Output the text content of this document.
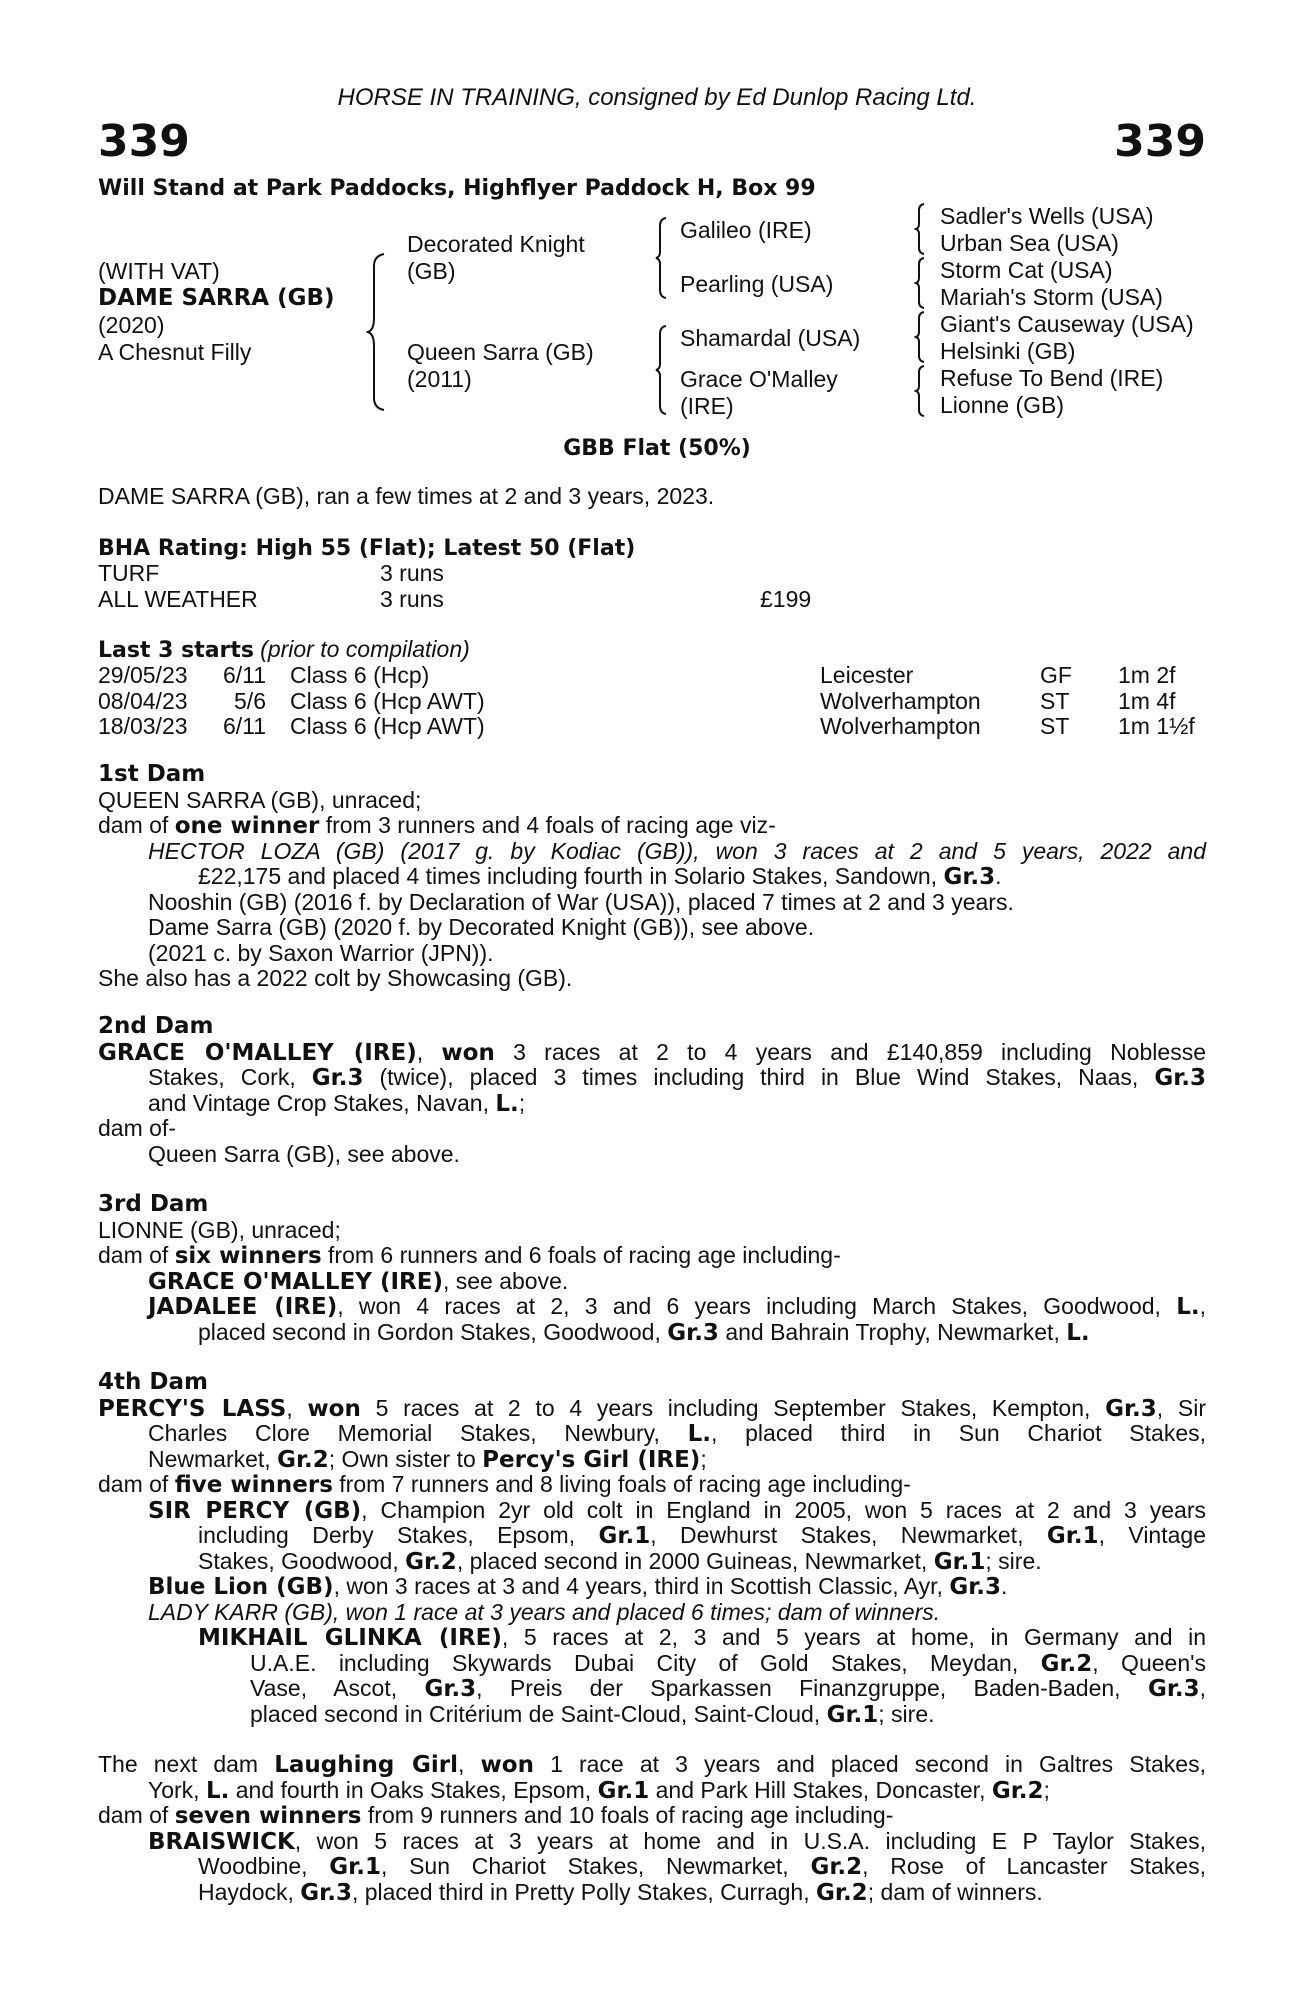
HORSE IN TRAINING, consigned by Ed Dunlop Racing Ltd.
339	339
Will Stand at Park Paddocks, Highflyer Paddock H, Box 99
(WITH VAT)
DAME SARRA (GB)
(2020)
A Chesnut Filly
Decorated Knight
(GB)
Queen Sarra (GB)
(2011)
Galileo (IRE)
Pearling (USA)
Shamardal (USA)
Grace O'Malley
(IRE)
Sadler's Wells (USA)
Urban Sea (USA)
Storm Cat (USA)
Mariah's Storm (USA)
Giant's Causeway (USA)
Helsinki (GB)
Refuse To Bend (IRE)
Lionne (GB)
GBB Flat (50%)
DAME SARRA (GB), ran a few times at 2 and 3 years, 2023.
BHA Rating: High 55 (Flat); Latest 50 (Flat)
TURF	3 runs
ALL WEATHER	3 runs	£199
Last 3 starts (prior to compilation)
29/05/23 6/11 Class 6 (Hcp)	Leicester	GF 1m 2f
08/04/23 5/6 Class 6 (Hcp AWT)	Wolverhampton	ST 1m 4f
18/03/23 6/11 Class 6 (Hcp AWT)	Wolverhampton	ST 1m 1½f
1st Dam
QUEEN SARRA (GB), unraced;
dam of one winner from 3 runners and 4 foals of racing age viz-
HECTOR LOZA (GB) (2017 g. by Kodiac (GB)), won 3 races at 2 and 5 years, 2022 and
£22,175 and placed 4 times including fourth in Solario Stakes, Sandown, Gr.3.
Nooshin (GB) (2016 f. by Declaration of War (USA)), placed 7 times at 2 and 3 years.
Dame Sarra (GB) (2020 f. by Decorated Knight (GB)), see above.
(2021 c. by Saxon Warrior (JPN)).
She also has a 2022 colt by Showcasing (GB).
2nd Dam
GRACE O'MALLEY (IRE), won 3 races at 2 to 4 years and £140,859 including Noblesse
Stakes, Cork, Gr.3 (twice), placed 3 times including third in Blue Wind Stakes, Naas, Gr.3
and Vintage Crop Stakes, Navan, L.;
dam of-
Queen Sarra (GB), see above.
3rd Dam
LIONNE (GB), unraced;
dam of six winners from 6 runners and 6 foals of racing age including-
GRACE O'MALLEY (IRE), see above.
JADALEE (IRE), won 4 races at 2, 3 and 6 years including March Stakes, Goodwood, L.,
placed second in Gordon Stakes, Goodwood, Gr.3 and Bahrain Trophy, Newmarket, L.
4th Dam
PERCY'S LASS, won 5 races at 2 to 4 years including September Stakes, Kempton, Gr.3, Sir
Charles Clore Memorial Stakes, Newbury, L., placed third in Sun Chariot Stakes,
Newmarket, Gr.2; Own sister to Percy's Girl (IRE);
dam of five winners from 7 runners and 8 living foals of racing age including-
SIR PERCY (GB), Champion 2yr old colt in England in 2005, won 5 races at 2 and 3 years
including Derby Stakes, Epsom, Gr.1, Dewhurst Stakes, Newmarket, Gr.1, Vintage
Stakes, Goodwood, Gr.2, placed second in 2000 Guineas, Newmarket, Gr.1; sire.
Blue Lion (GB), won 3 races at 3 and 4 years, third in Scottish Classic, Ayr, Gr.3.
LADY KARR (GB), won 1 race at 3 years and placed 6 times; dam of winners.
MIKHAIL GLINKA (IRE), 5 races at 2, 3 and 5 years at home, in Germany and in
U.A.E. including Skywards Dubai City of Gold Stakes, Meydan, Gr.2, Queen's
Vase, Ascot, Gr.3, Preis der Sparkassen Finanzgruppe, Baden-Baden, Gr.3,
placed second in Critérium de Saint-Cloud, Saint-Cloud, Gr.1; sire.
The next dam Laughing Girl, won 1 race at 3 years and placed second in Galtres Stakes,
York, L. and fourth in Oaks Stakes, Epsom, Gr.1 and Park Hill Stakes, Doncaster, Gr.2;
dam of seven winners from 9 runners and 10 foals of racing age including-
BRAISWICK, won 5 races at 3 years at home and in U.S.A. including E P Taylor Stakes,
Woodbine, Gr.1, Sun Chariot Stakes, Newmarket, Gr.2, Rose of Lancaster Stakes,
Haydock, Gr.3, placed third in Pretty Polly Stakes, Curragh, Gr.2; dam of winners.
